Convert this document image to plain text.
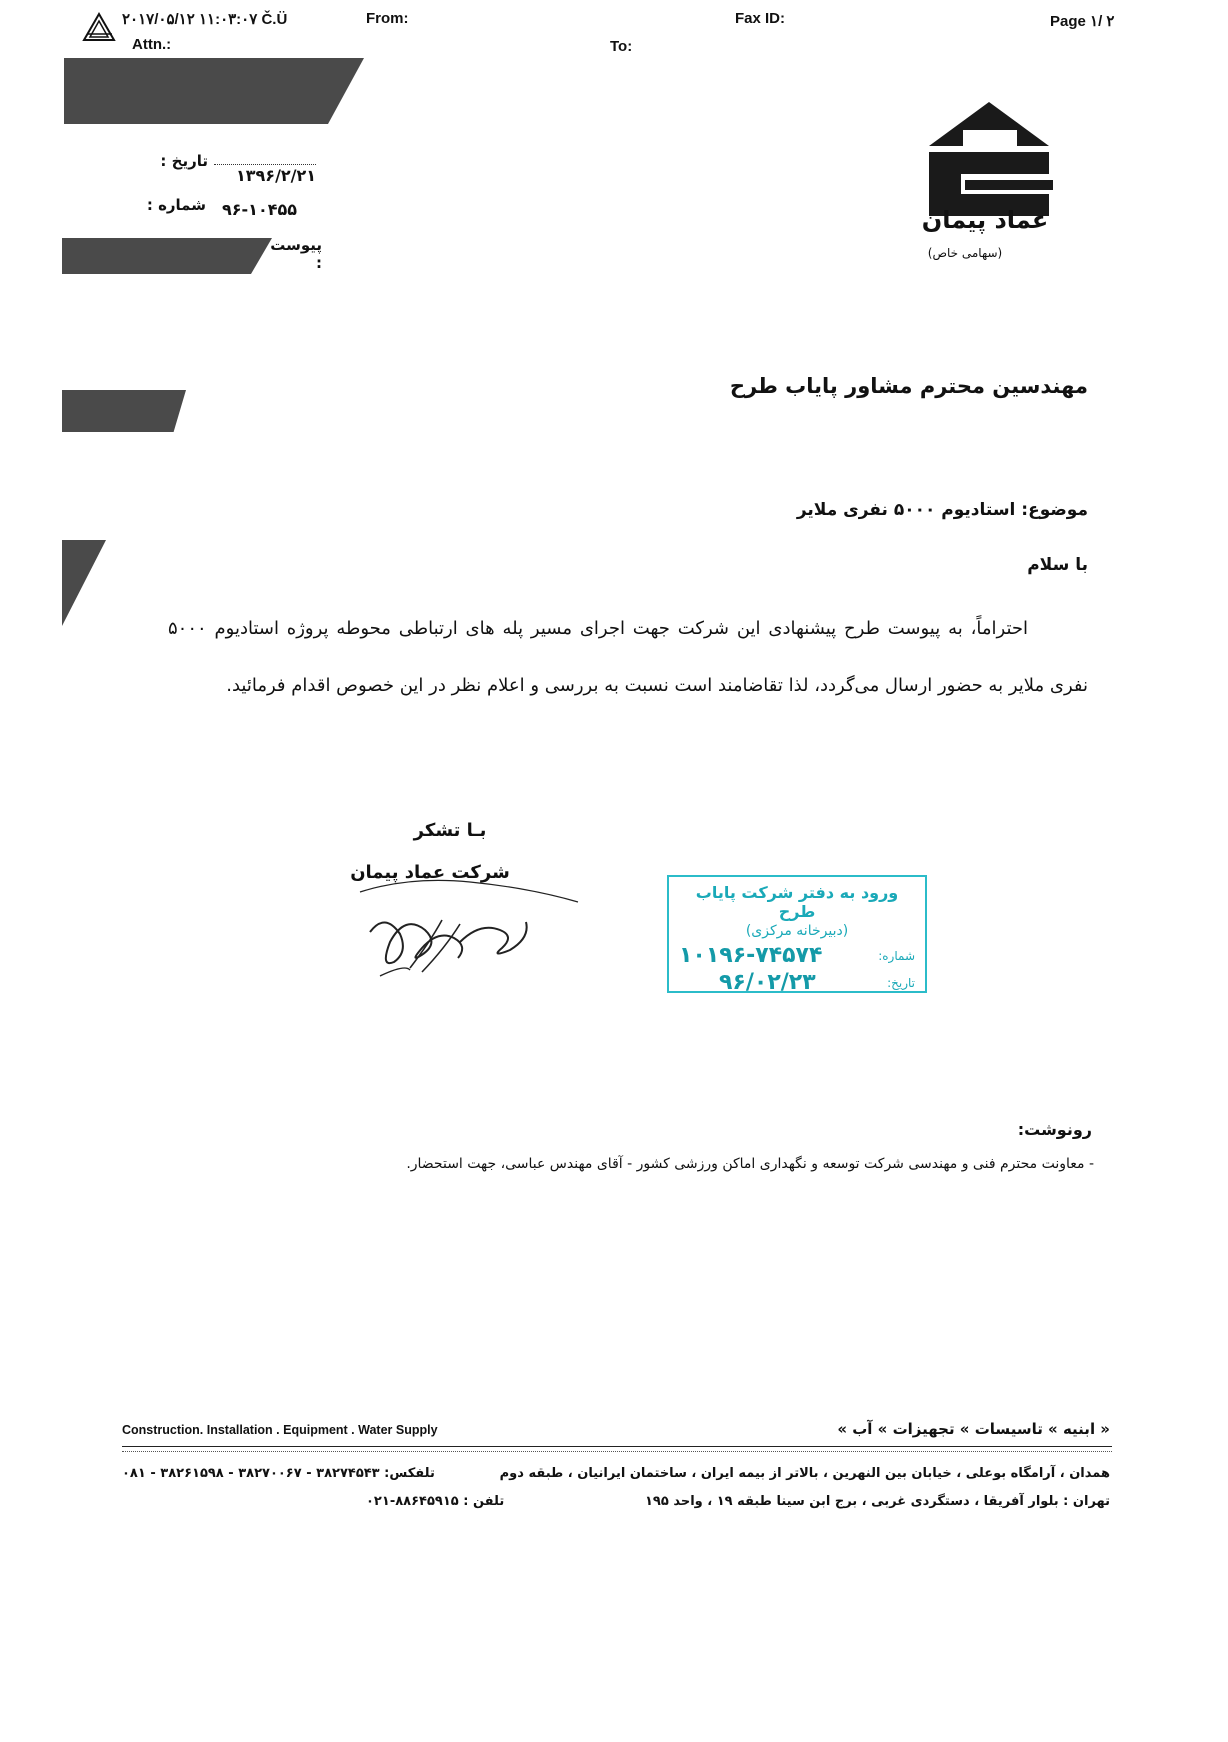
۲۰۱۷/۰۵/۱۲ ۱۱:۰۳:۰۷ Č.Ü	From:	Fax ID:	Page ۱/ ۲
Attn.:	To:
تاریخ :
۱۳۹۶/۲/۲۱
شماره : ۹۶-۱۰۴۵۵
پیوست :
عماد پیمان
(سهامی خاص)
مهندسین محترم مشاور پایاب طرح
موضوع: استادیوم ۵۰۰۰ نفری ملایر
با سلام
احتراماً، به پیوست طرح پیشنهادی این شرکت جهت اجرای مسیر پله های ارتباطی محوطه پروژه استادیوم ۵۰۰۰ نفری ملایر به حضور ارسال می‌گردد، لذا تقاضامند است نسبت به بررسی و اعلام نظر در این خصوص اقدام فرمائید.
بـا تشکر
شرکت عماد پیمان
ورود به دفتر شرکت پایاب طرح
(دبیرخانه مرکزی)
شماره:
۱۰۱۹۶-۷۴۵۷۴
تاریخ:
۹۶/۰۲/۲۳
رونوشت:
- معاونت محترم فنی و مهندسی شرکت توسعه و نگهداری اماکن ورزشی کشور - آقای مهندس عباسی، جهت استحضار.
Construction. Installation . Equipment . Water Supply	« ابنیه » تاسیسات » تجهیزات » آب »
همدان ، آرامگاه بوعلی ، خیابان بین النهرین ، بالاتر از بیمه ایران ، ساختمان ایرانیان ، طبقه دوم
تلفکس: ۳۸۲۷۴۵۴۳ - ۳۸۲۷۰۰۶۷ - ۳۸۲۶۱۵۹۸ - ۰۸۱
تهران : بلوار آفریقا ، دستگردی غربی ، برج ابن سینا طبقه ۱۹ ، واحد ۱۹۵
تلفن : ۸۸۶۴۵۹۱۵-۰۲۱
